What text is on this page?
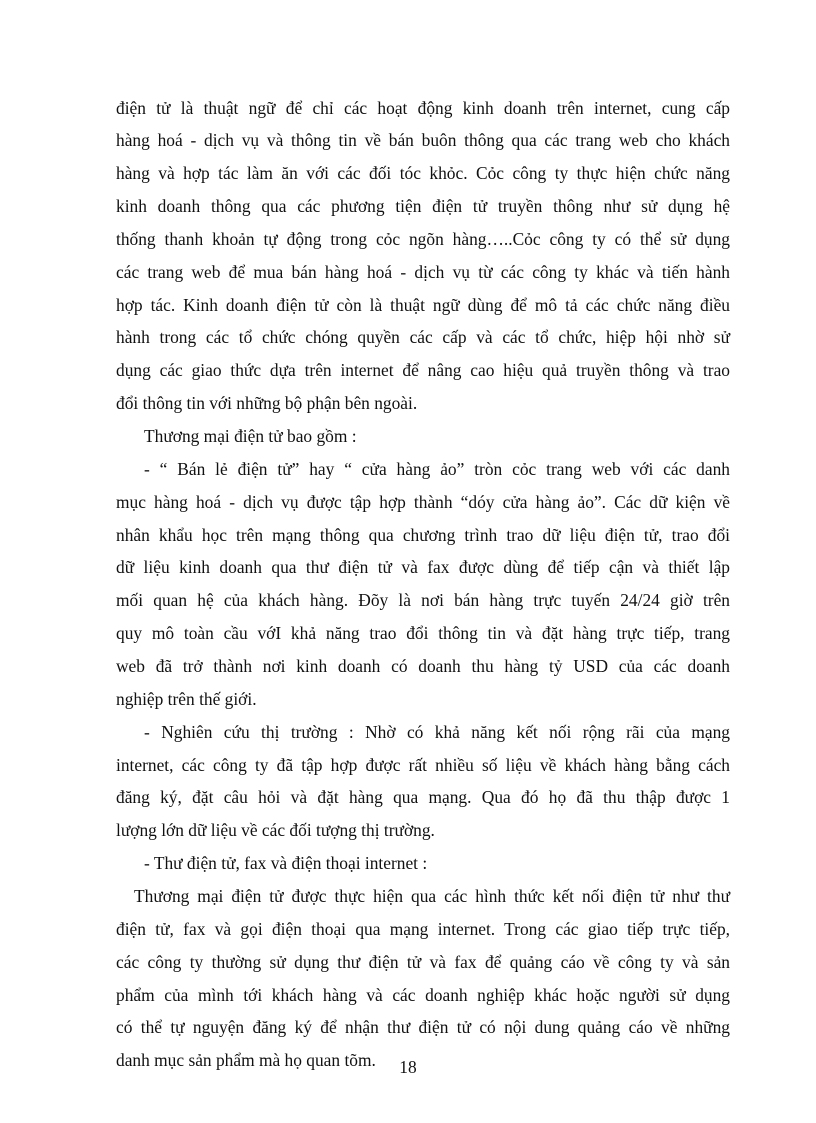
điện tử là thuật ngữ để chỉ các hoạt động kinh doanh trên internet, cung cấp
hàng hoá - dịch vụ và thông tin về bán buôn thông qua các trang web cho khách
hàng và hợp tác làm ăn với các đối tóc khỏc. Cỏc công ty thực hiện chức năng
kinh doanh thông qua các phương tiện điện tử truyền thông như sử dụng hệ
thống thanh khoản tự động trong cỏc ngõn hàng…..Cỏc công ty có thể sử dụng
các trang web để mua bán hàng hoá - dịch vụ từ các công ty khác và tiến hành
hợp tác. Kinh doanh điện tử còn là thuật ngữ dùng để mô tả các chức năng điều
hành trong các tổ chức chóng quyền các cấp và các tổ chức, hiệp hội nhờ sử
dụng các giao thức dựa trên internet để nâng cao hiệu quả truyền thông và trao
đổi thông tin với những bộ phận bên ngoài.
Thương mại điện tử bao gồm :
- “ Bán lẻ điện tử” hay “ cửa hàng ảo” tròn cỏc trang web với các danh
mục hàng hoá - dịch vụ được tập hợp thành “dóy cửa hàng ảo”. Các dữ kiện về
nhân khẩu học trên mạng thông qua chương trình trao dữ liệu điện tử, trao đổi
dữ liệu kinh doanh qua thư điện tử và fax được dùng để tiếp cận và thiết lập
mối quan hệ của khách hàng. Đõy là nơi bán hàng trực tuyến 24/24 giờ trên
quy mô toàn cầu vớI khả năng trao đổi thông tin và đặt hàng trực tiếp, trang
web đã trở thành nơi kinh doanh có doanh thu hàng tỷ USD của các doanh
nghiệp trên thế giới.
- Nghiên cứu thị trường : Nhờ có khả năng kết nối rộng rãi của mạng
internet, các công ty đã tập hợp được rất nhiều số liệu về khách hàng bằng cách
đăng ký, đặt câu hỏi và đặt hàng qua mạng. Qua đó họ đã thu thập được 1
lượng lớn dữ liệu về các đối tượng thị trường.
- Thư điện tử, fax và điện thoại internet :
Thương mại điện tử được thực hiện qua các hình thức kết nối điện tử như thư
điện tử, fax và gọi điện thoại qua mạng internet. Trong các giao tiếp trực tiếp,
các công ty thường sử dụng thư điện tử và fax để quảng cáo về công ty và sản
phẩm của mình tới khách hàng và các doanh nghiệp khác hoặc người sử dụng
có thể tự nguyện đăng ký để nhận thư điện tử có nội dung quảng cáo về những
danh mục sản phẩm mà họ quan tõm.	18
